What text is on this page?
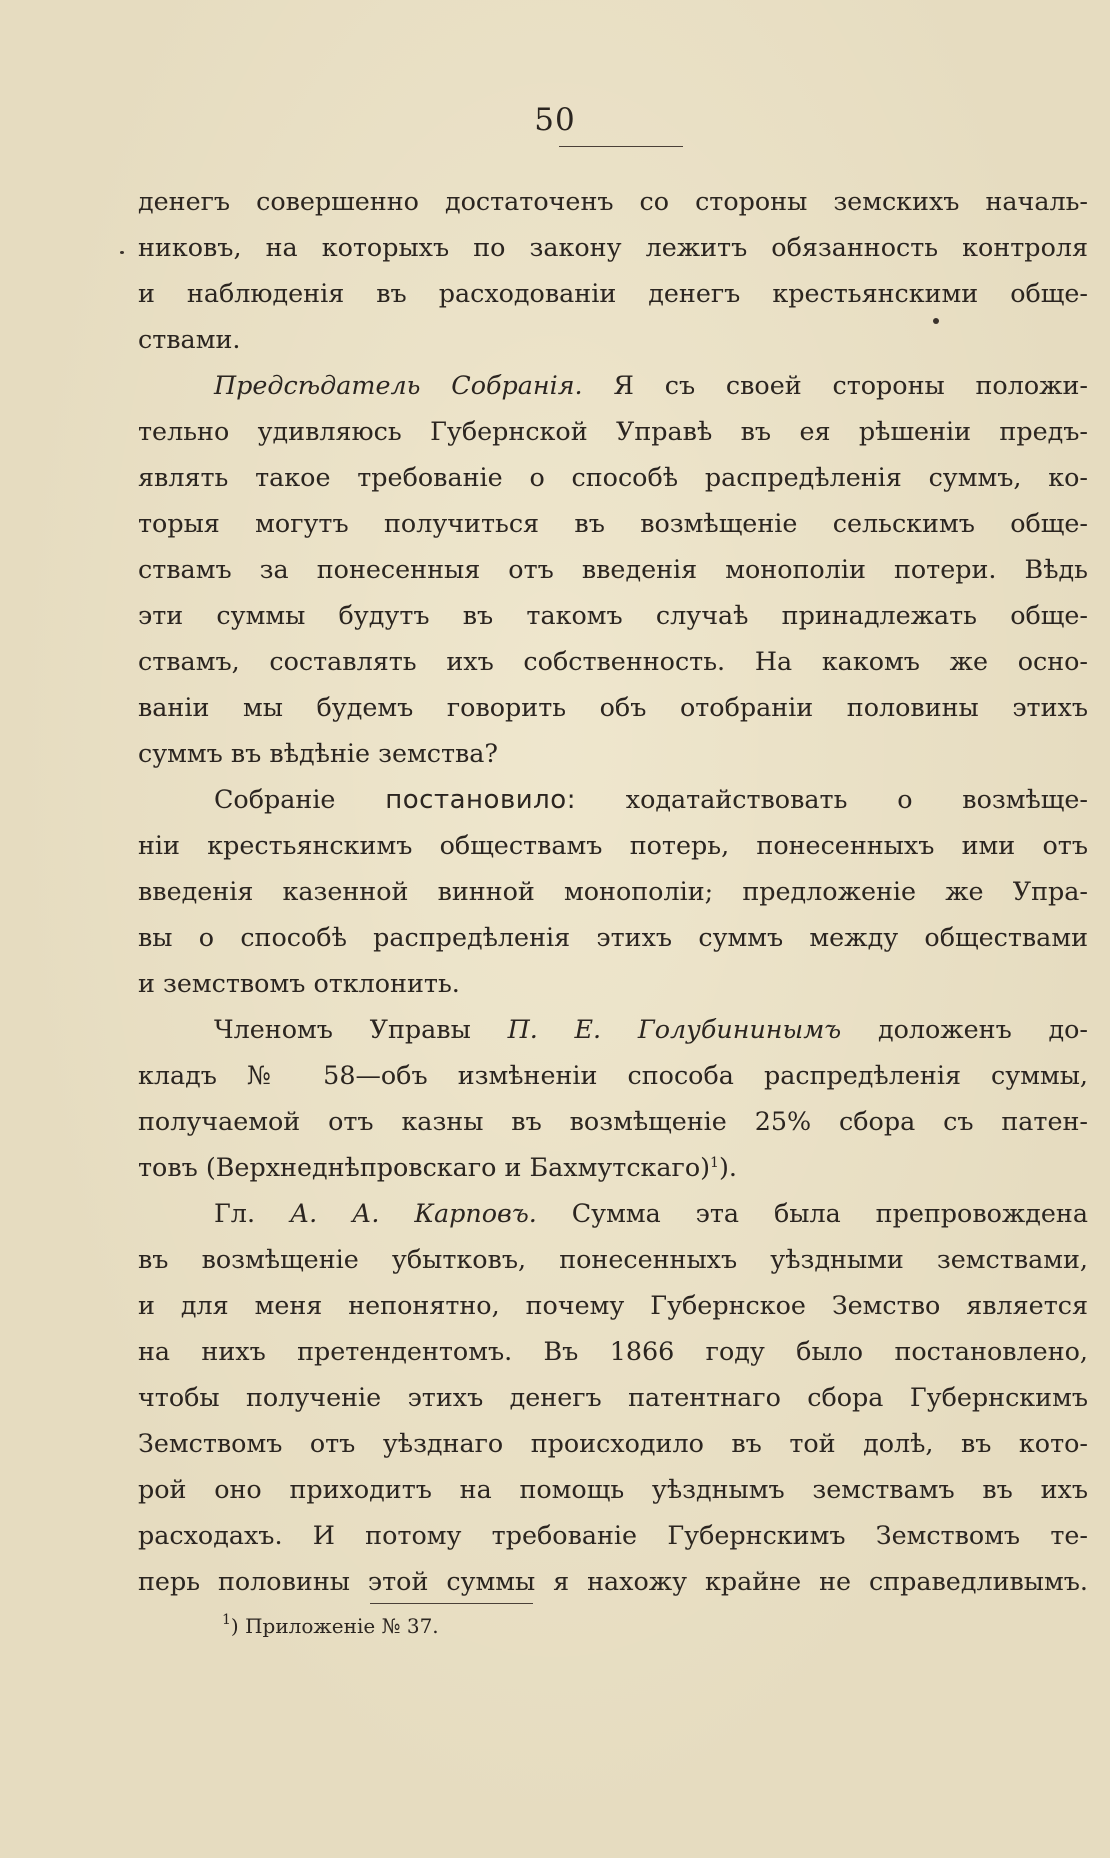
50
денегъ совершенно достаточенъ со стороны земскихъ началь-
никовъ, на которыхъ по закону лежитъ обязанность контроля
и наблюденія въ расходованіи денегъ крестьянскими обще-
ствами.
Предсѣдатель Собранія. Я съ своей стороны положи-
тельно удивляюсь Губернской Управѣ въ ея рѣшеніи предъ-
являть такое требованіе о способѣ распредѣленія суммъ, ко-
торыя могутъ получиться въ возмѣщеніе сельскимъ обще-
ствамъ за понесенныя отъ введенія монополіи потери. Вѣдь
эти суммы будутъ въ такомъ случаѣ принадлежать обще-
ствамъ, составлять ихъ собственность. На какомъ же осно-
ваніи мы будемъ говорить объ отобраніи половины этихъ
суммъ въ вѣдѣніе земства?
Собраніе постановило: ходатайствовать о возмѣще-
ніи крестьянскимъ обществамъ потерь, понесенныхъ ими отъ
введенія казенной винной монополіи; предложеніе же Упра-
вы о способѣ распредѣленія этихъ суммъ между обществами
и земствомъ отклонить.
Членомъ Управы П. Е. Голубининымъ доложенъ до-
кладъ № 58—объ измѣненіи способа распредѣленія суммы,
получаемой отъ казны въ возмѣщеніе 25% сбора съ патен-
товъ (Верхнеднѣпровскаго и Бахмутскаго)$^1$).
Гл. А. А. Карповъ. Сумма эта была препровождена
въ возмѣщеніе убытковъ, понесенныхъ уѣздными земствами,
и для меня непонятно, почему Губернское Земство является
на нихъ претендентомъ. Въ 1866 году было постановлено,
чтобы полученіе этихъ денегъ патентнаго сбора Губернскимъ
Земствомъ отъ уѣзднаго происходило въ той долѣ, въ кото-
рой оно приходитъ на помощь уѣзднымъ земствамъ въ ихъ
расходахъ. И потому требованіе Губернскимъ Земствомъ те-
перь половины этой суммы я нахожу крайне не справедливымъ.
$^1$) Приложеніе № 37.
